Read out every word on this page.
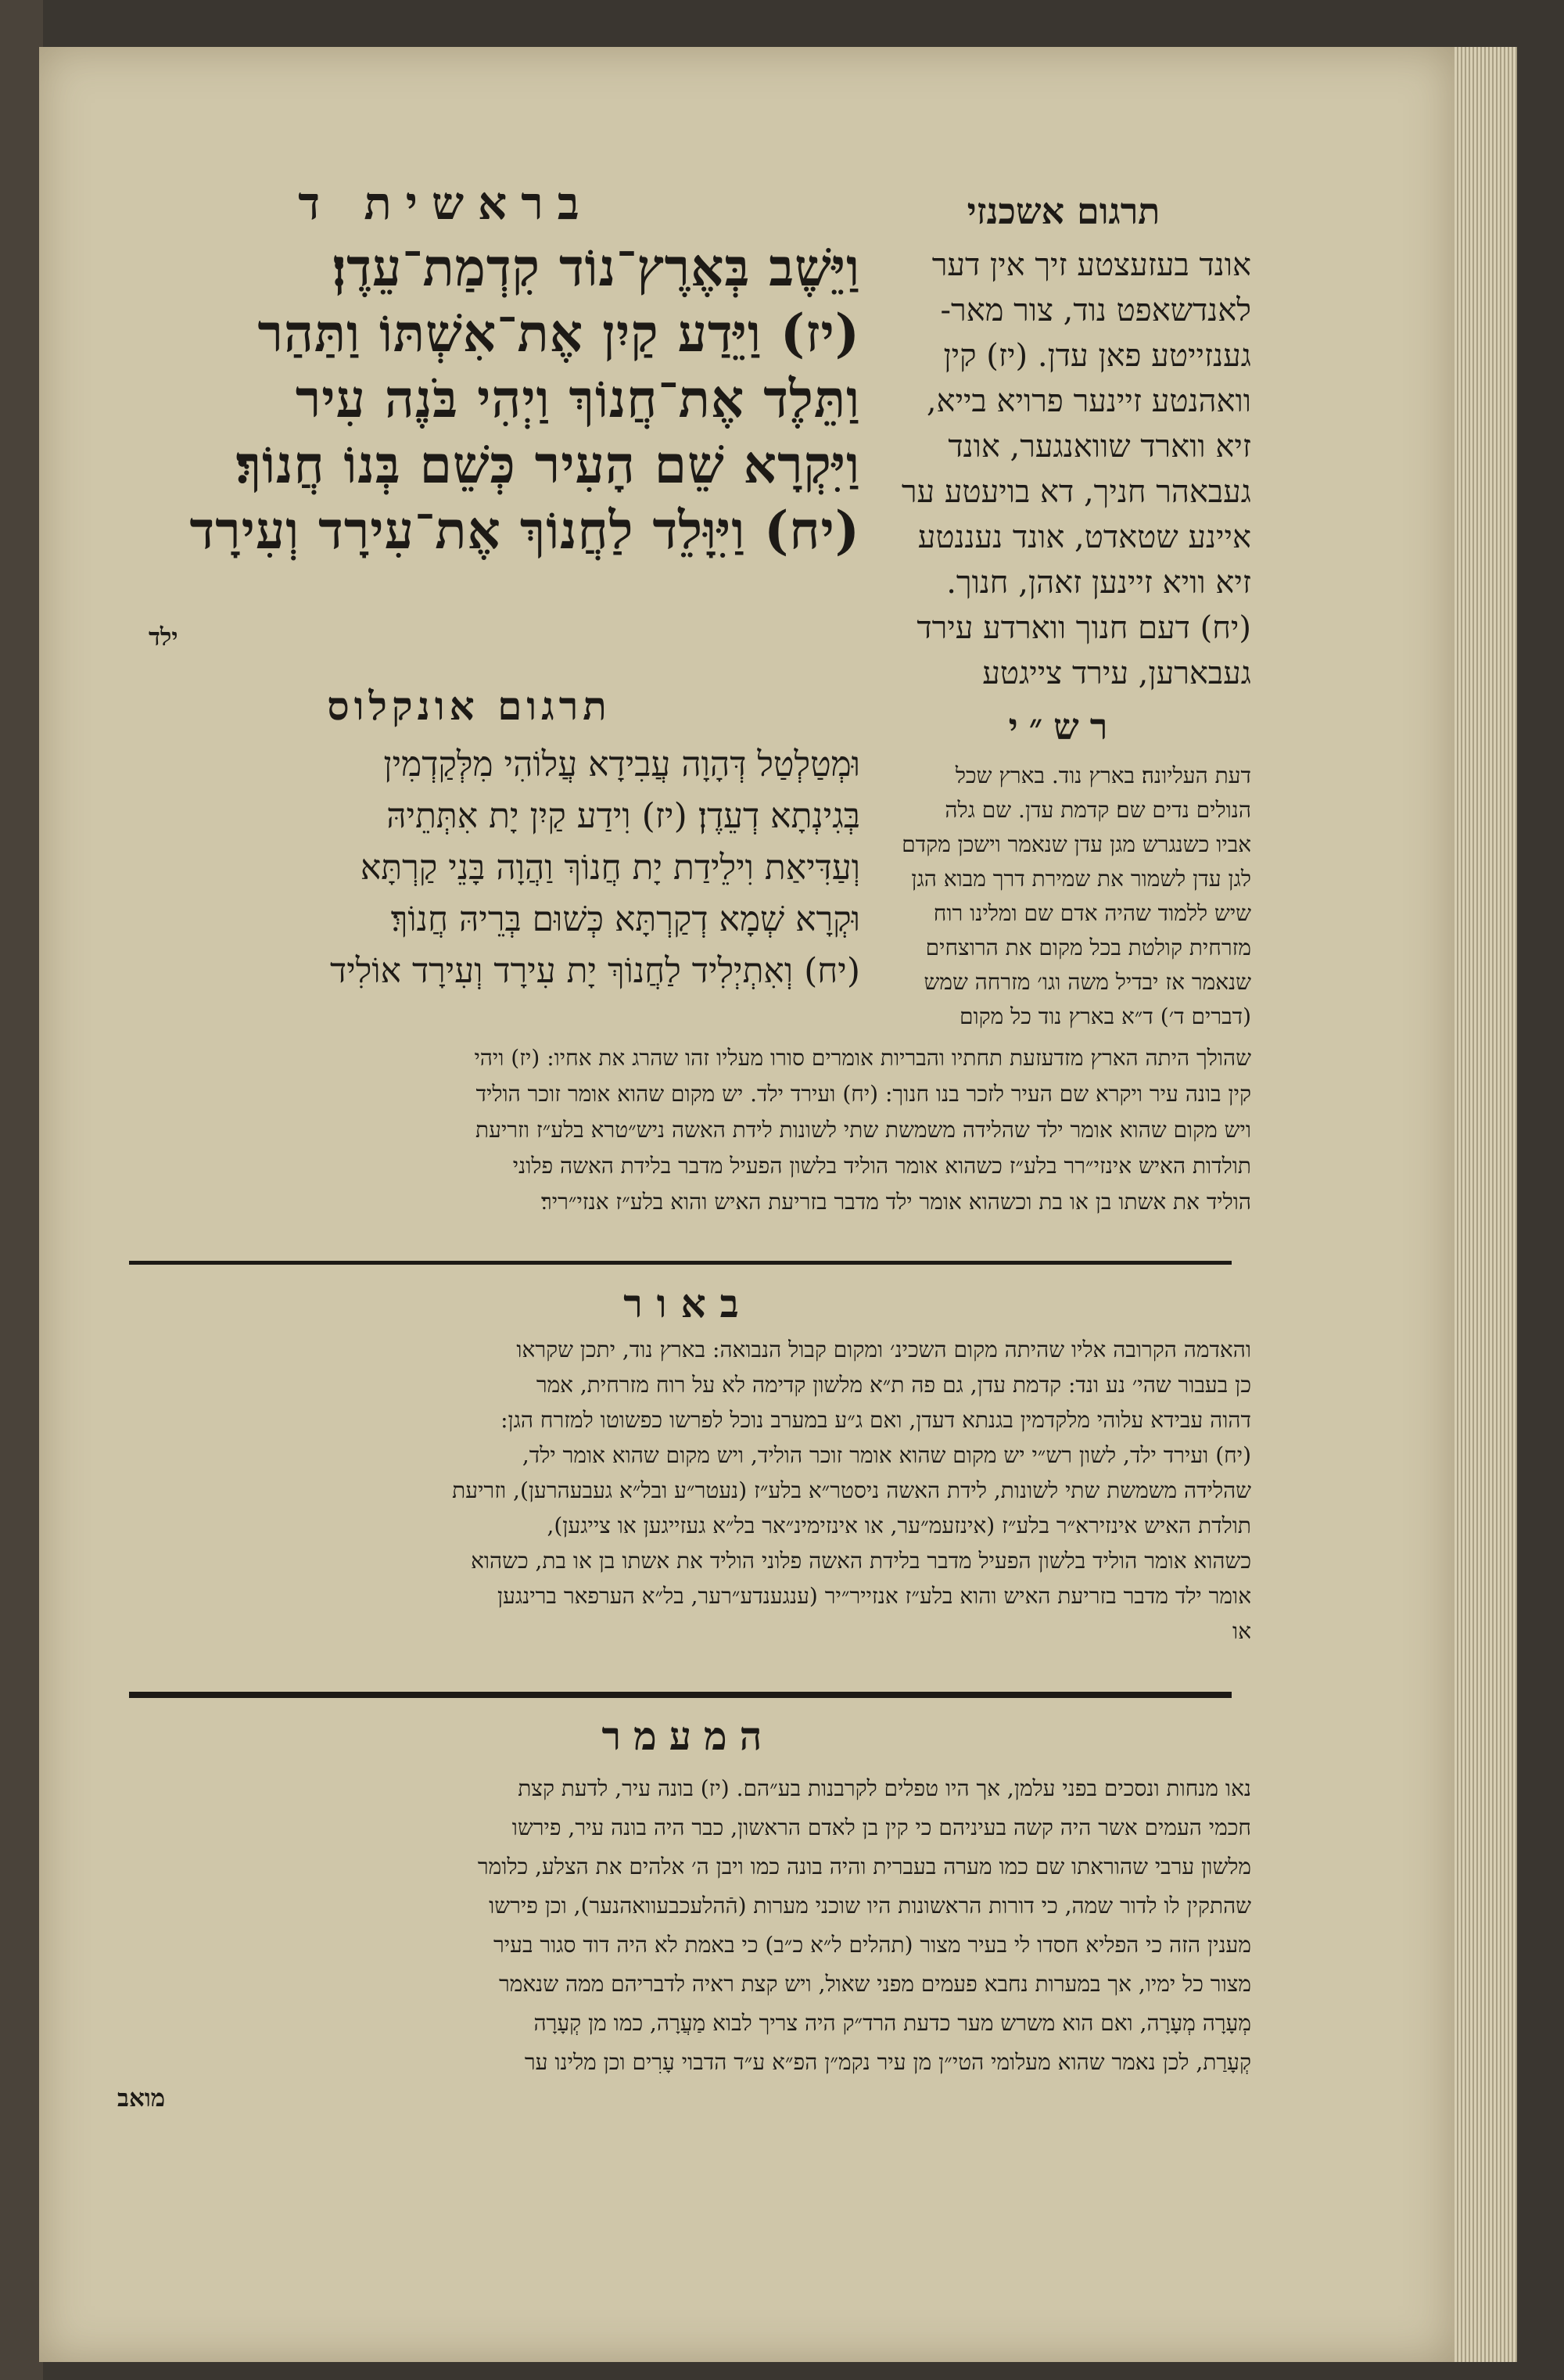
תרגום אשכנזי
בראשית ד
וַיֵּשֶׁב בְּאֶרֶץ־נוֹד קִדְמַת־עֵדֶן׃
(יז) וַיֵּדַע קַיִן אֶת־אִשְׁתּוֹ וַתַּהַר
וַתֵּלֶד אֶת־חֲנוֹךְ וַיְהִי בֹּנֶה עִיר
וַיִּקְרָא שֵׁם הָעִיר כְּשֵׁם בְּנוֹ חֲנוֹךְ׃
(יח) וַיִּוָּלֵד לַחֲנוֹךְ אֶת־עִירָד וְעִירָד
ילד
אונד בעזעצטע זיך אין דער
לאנדשאפט נוד, צור מאר-
גענזייטע פאן עדן. (יז) קין
וואהנטע זיינער פרויא בייא,
זיא ווארד שוואנגער, אונד
געבאהר חניך, דא בויעטע ער
איינע שטאדט, אונד נעננטע
זיא וויא זיינען זאהן, חנוך.
(יח) דעם חנוך ווארדע עירד
געבארען, עירד צייגטע
תרגום אונקלוס
וּמְטַלְטַל דְּהָוָה עֲבִידָא עֲלוֹהִי מִלְּקַדְמִין
בְּגִינְתָא דְעֵדֶן׃ (יז) וִידַע קַיִן יָת אִתְּתֵיהּ
וְעַדִּיאַת וִילֵידַת יָת חֲנוֹךְ וַהֲוָה בָּנֵי קַרְתָּא
וּקְרָא שְׁמָא דְקַרְתָּא כְּשׁוּם בְּרֵיהּ חֲנוֹךְ׃
(יח) וְאִתְיְלִיד לַחֲנוֹךְ יָת עִירָד וְעִירָד אוֹלִיד
רש״י
דעת העליונה׃ בארץ נוד. בארץ שכל
הנולים נדים שם׃ קדמת עדן. שם גלה
אביו כשנגרש מגן עדן שנאמר וישכן מקדם
לגן עדן לשמור את שמירת דרך מבוא הגן
שיש ללמוד שהיה אדם שם ומלינו רוח
מזרחית קולטת בכל מקום את הרוצחים
שנאמר אז יבדיל משה וגו׳ מזרחה שמש
(דברים ד׳) ד״א בארץ נוד כל מקום
שהולך היתה הארץ מזדעזעת תחתיו והבריות אומרים סורו מעליו זהו שהרג את אחיו: (יז) ויהי
קין בונה עיר ויקרא שם העיר לזכר בנו חנוך: (יח) ועירד ילד. יש מקום שהוא אומר זוכר הוליד
ויש מקום שהוא אומר ילד שהלידה משמשת שתי לשונות לידת האשה ניש״טרא בלע״ז וזריעת
תולדות האיש אינזי״רר בלע״ז כשהוא אומר הוליד בלשון הפעיל מדבר בלידת האשה פלוני
הוליד את אשתו בן או בת וכשהוא אומר ילד מדבר בזריעת האיש והוא בלע״ז אנזי״ריר׃
באור
והאדמה הקרובה אליו שהיתה מקום השכינ׳ ומקום קבול הנבואה: בארץ נוד, יתכן שקראו
כן בעבור שהי׳ נע ונד: קדמת עדן, גם פה ת״א מלשון קדימה לא על רוח מזרחית, אמר
דהוה עבידא עלוהי מלקדמין בגנתא דעדן, ואם ג״ע במערב נוכל לפרשו כפשוטו למזרח הגן:
(יח) ועירד ילד, לשון רש״י יש מקום שהוא אומר זוכר הוליד, ויש מקום שהוא אומר ילד,
שהלידה משמשת שתי לשונות, לידת האשה ניסטר״א בלע״ז (נעטר״ע ובל״א געבעהרען), וזריעת
תולדת האיש אינזירא״ר בלע״ז (אינזעמ״ער, או אינזימינ״אר בל״א געזייגען או צייגען),
כשהוא אומר הוליד בלשון הפעיל מדבר בלידת האשה פלוני הוליד את אשתו בן או בת, כשהוא
אומר ילד מדבר בזריעת האיש והוא בלע״ז אנזייר״יר (ענגענדע״רער, בל״א הערפאר ברינגען
או
המעמר
נאו מנחות ונסכים בפני עלמן, אך היו טפלים לקרבנות בע״הם. (יז) בונה עיר, לדעת קצת
חכמי העמים אשר היה קשה בעיניהם כי קין בן לאדם הראשון, כבר היה בונה עיר, פירשו
מלשון ערבי שהוראתו שם כמו מערה בעברית והיה בונה כמו ויבן ה׳ אלהים את הצלע, כלומר
שהתקין לו לדור שמה, כי דורות הראשונות היו שוכני מערות (הֿהלעכבעוואהנער), וכן פירשו
מענין הזה כי הפליא חסדו לי בעיר מצור (תהלים ל״א כ״ב) כי באמת לא היה דוד סגור בעיר
מצור כל ימיו, אך במערות נחבא פעמים מפני שאול, ויש קצת ראיה לדבריהם ממה שנאמר
מְעָרָה מְעָרָה, ואם הוא משרש מער כדעת הרד״ק היה צריך לבוא מַעֲרָה, כמו מן קְעָרָה
קְעָרַת, לכן נאמר שהוא מעלומי הטי״ן מן עיר נקמ״ן הפ״א ע״ד הדבוי עָרִים וכן מלינו ער
מואב
